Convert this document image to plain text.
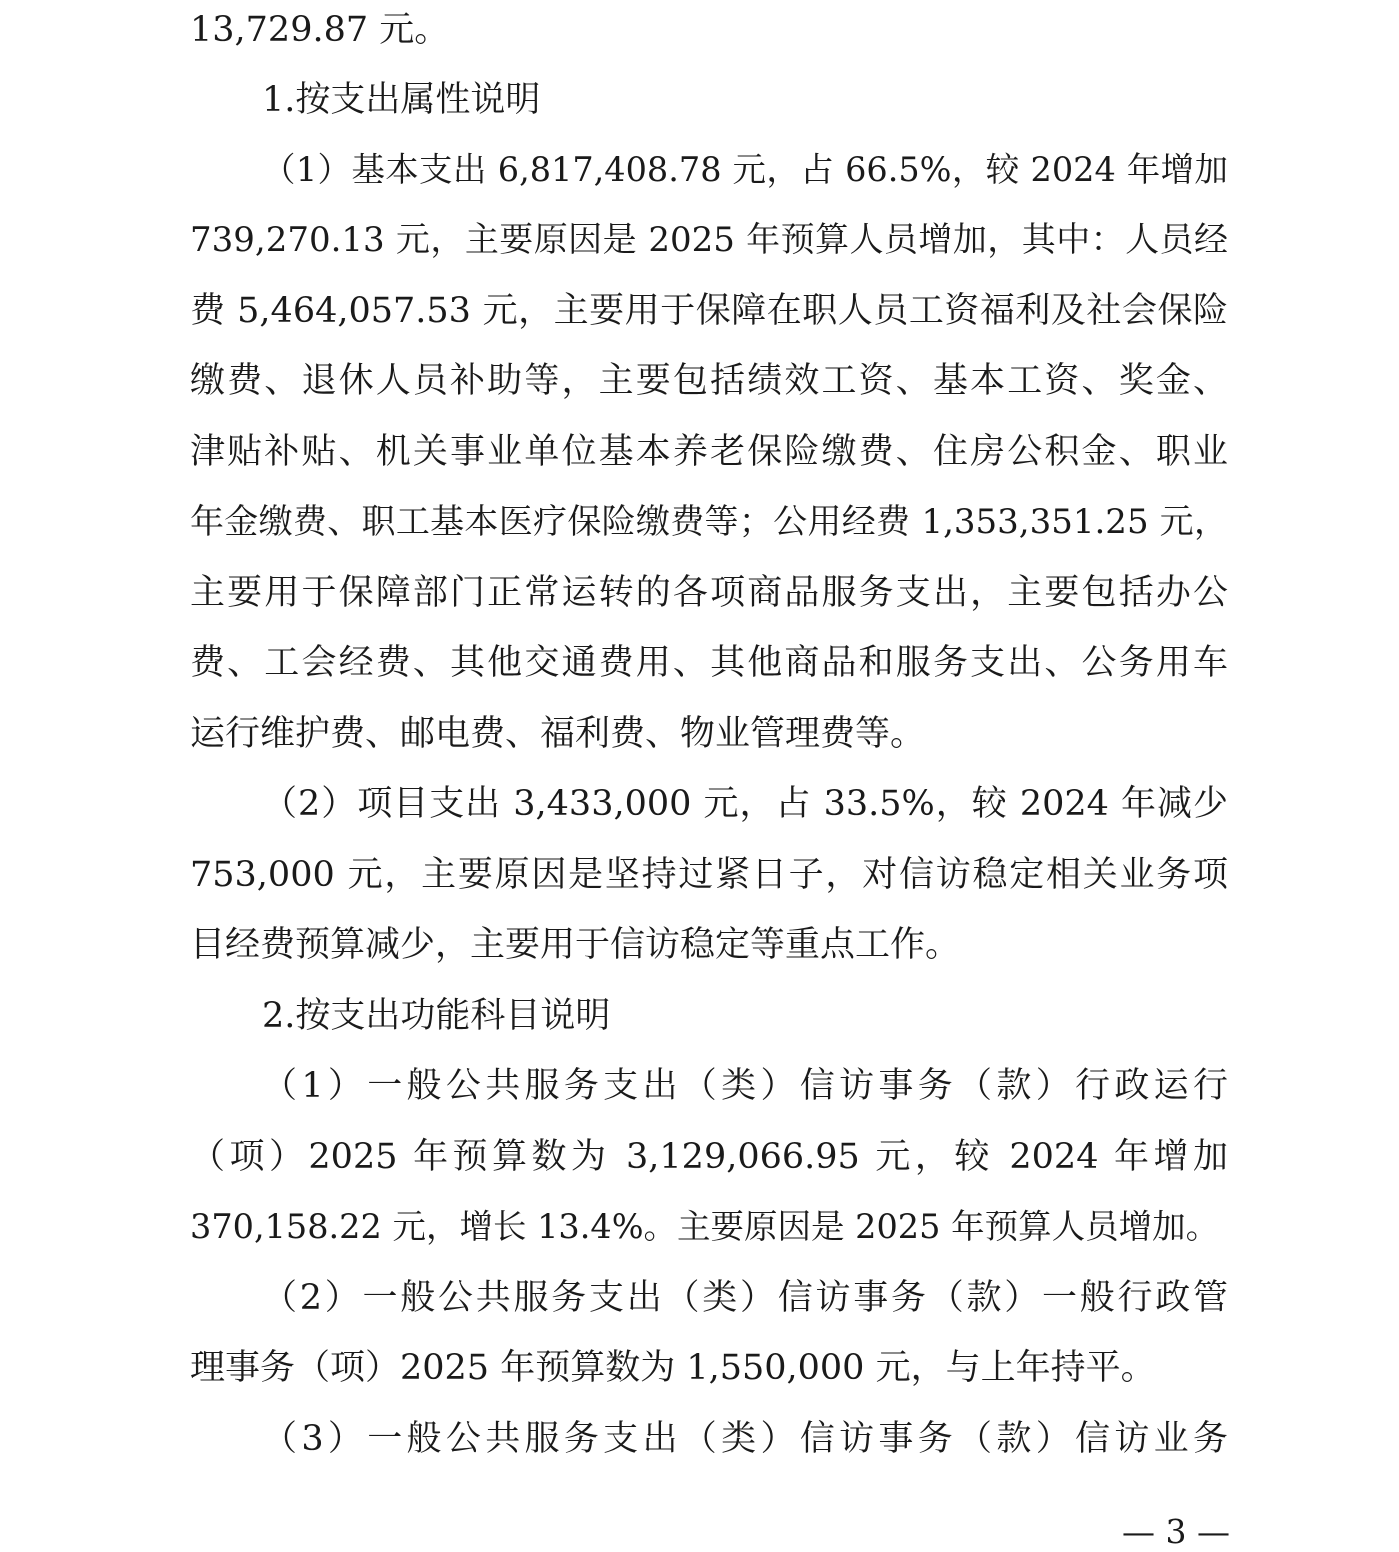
13,729.87 元。
1.按支出属性说明
（1）基本支出 6,817,408.78 元，占 66.5%，较 2024 年增加
739,270.13 元，主要原因是 2025 年预算人员增加，其中：人员经
费 5,464,057.53 元，主要用于保障在职人员工资福利及社会保险
缴费、退休人员补助等，主要包括绩效工资、基本工资、奖金、
津贴补贴、机关事业单位基本养老保险缴费、住房公积金、职业
年金缴费、职工基本医疗保险缴费等；公用经费 1,353,351.25 元，
主要用于保障部门正常运转的各项商品服务支出，主要包括办公
费、工会经费、其他交通费用、其他商品和服务支出、公务用车
运行维护费、邮电费、福利费、物业管理费等。
（2）项目支出 3,433,000 元，占 33.5%，较 2024 年减少
753,000 元，主要原因是坚持过紧日子，对信访稳定相关业务项
目经费预算减少，主要用于信访稳定等重点工作。
2.按支出功能科目说明
（1）一般公共服务支出（类）信访事务（款）行政运行
（项）2025 年预算数为 3,129,066.95 元，较 2024 年增加
370,158.22 元，增长 13.4%。主要原因是 2025 年预算人员增加。
（2）一般公共服务支出（类）信访事务（款）一般行政管
理事务（项）2025 年预算数为 1,550,000 元，与上年持平。
（3）一般公共服务支出（类）信访事务（款）信访业务
— 3 —
